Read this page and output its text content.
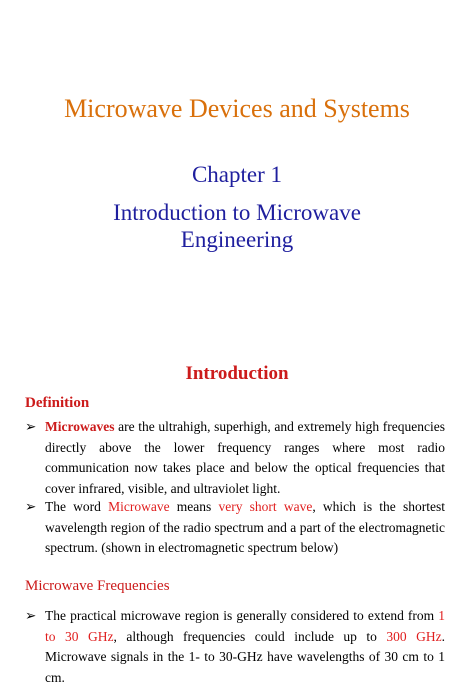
Microwave Devices and Systems
Chapter 1
Introduction to Microwave
Engineering
Introduction
Definition
➢ Microwaves are the ultrahigh, superhigh, and extremely high frequencies directly above the lower frequency ranges where most radio communication now takes place and below the optical frequencies that cover infrared, visible, and ultraviolet light.
➢ The word Microwave means very short wave, which is the shortest wavelength region of the radio spectrum and a part of the electromagnetic spectrum. (shown in electromagnetic spectrum below)
Microwave Frequencies
➢ The practical microwave region is generally considered to extend from 1 to 30 GHz, although frequencies could include up to 300 GHz. Microwave signals in the 1- to 30-GHz have wavelengths of 30 cm to 1 cm.
